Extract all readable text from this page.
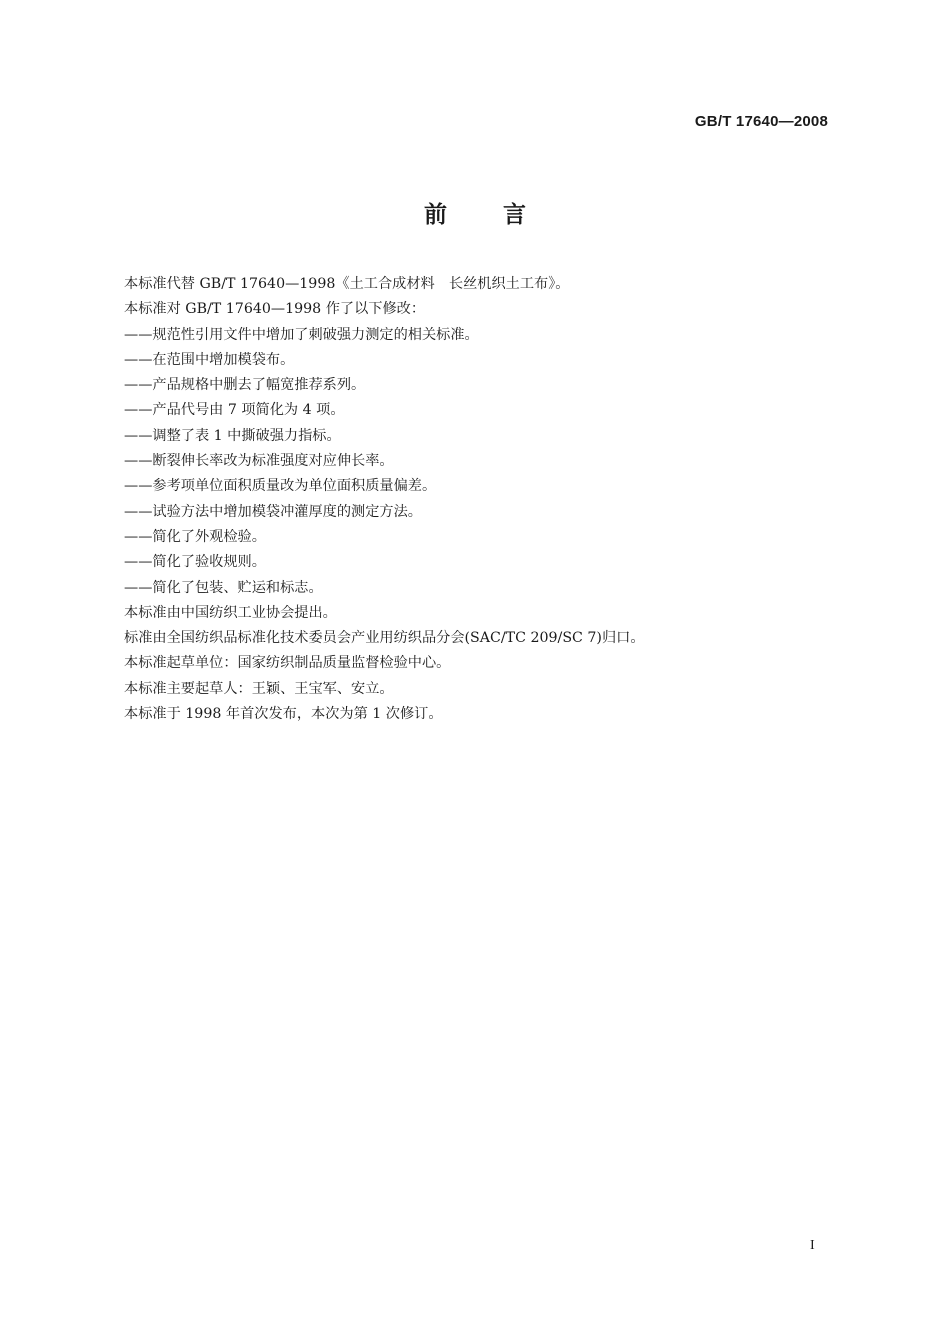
GB/T 17640—2008
前言
本标准代替 GB/T 17640—1998《土工合成材料　长丝机织土工布》。
本标准对 GB/T 17640—1998 作了以下修改：
——规范性引用文件中增加了刺破强力测定的相关标准。
——在范围中增加模袋布。
——产品规格中删去了幅宽推荐系列。
——产品代号由 7 项简化为 4 项。
——调整了表 1 中撕破强力指标。
——断裂伸长率改为标准强度对应伸长率。
——参考项单位面积质量改为单位面积质量偏差。
——试验方法中增加模袋冲灌厚度的测定方法。
——简化了外观检验。
——简化了验收规则。
——简化了包装、贮运和标志。
本标准由中国纺织工业协会提出。
标准由全国纺织品标准化技术委员会产业用纺织品分会(SAC/TC 209/SC 7)归口。
本标准起草单位：国家纺织制品质量监督检验中心。
本标准主要起草人：王颖、王宝军、安立。
本标准于 1998 年首次发布，本次为第 1 次修订。
I
